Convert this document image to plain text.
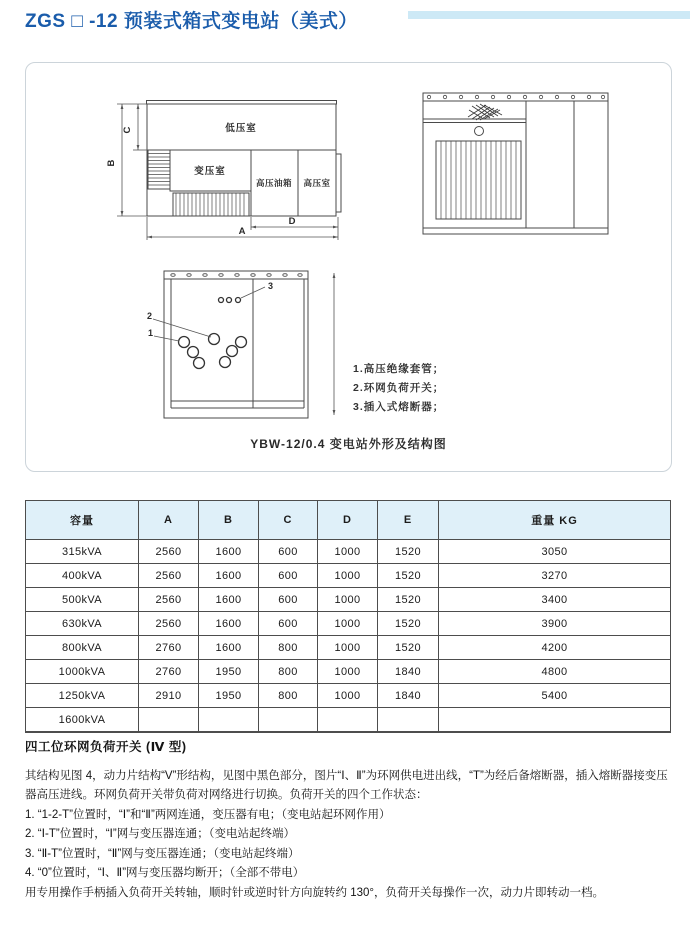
ZGS □ -12 预装式箱式变电站（美式）
低压室
变压室
高压油箱 高压室
B
C
A
D
3
2
1
1.高压绝缘套管；
2.环网负荷开关；
3.插入式熔断器；
YBW-12/0.4 变电站外形及结构图
容量	A	B	C	D	E	重量 KG
315kVA	2560	1600	600	1000	1520	3050
400kVA	2560	1600	600	1000	1520	3270
500kVA	2560	1600	600	1000	1520	3400
630kVA	2560	1600	600	1000	1520	3900
800kVA	2760	1600	800	1000	1520	4200
1000kVA	2760	1950	800	1000	1840	4800
1250kVA	2910	1950	800	1000	1840	5400
1600kVA						
四工位环网负荷开关 (Ⅳ 型)

其结构见图 4，动力片结构“V”形结构，见图中黑色部分，图片“Ⅰ、Ⅱ”为环网供电进出线，“T”为经后备熔断器，插入熔断器接变压器高压进线。环网负荷开关带负荷对网络进行切换。负荷开关的四个工作状态：

1. “1-2-T”位置时，“Ⅰ”和“Ⅱ”两网连通，变压器有电；（变电站起环网作用）
2. “Ⅰ-T”位置时，“Ⅰ”网与变压器连通；（变电站起终端）
3. “Ⅱ-T”位置时，“Ⅱ”网与变压器连通；（变电站起终端）
4. “0”位置时，“Ⅰ、Ⅱ”网与变压器均断开；（全部不带电）

用专用操作手柄插入负荷开关转轴，顺时针或逆时针方向旋转约 130°，负荷开关每操作一次，动力片即转动一档。
